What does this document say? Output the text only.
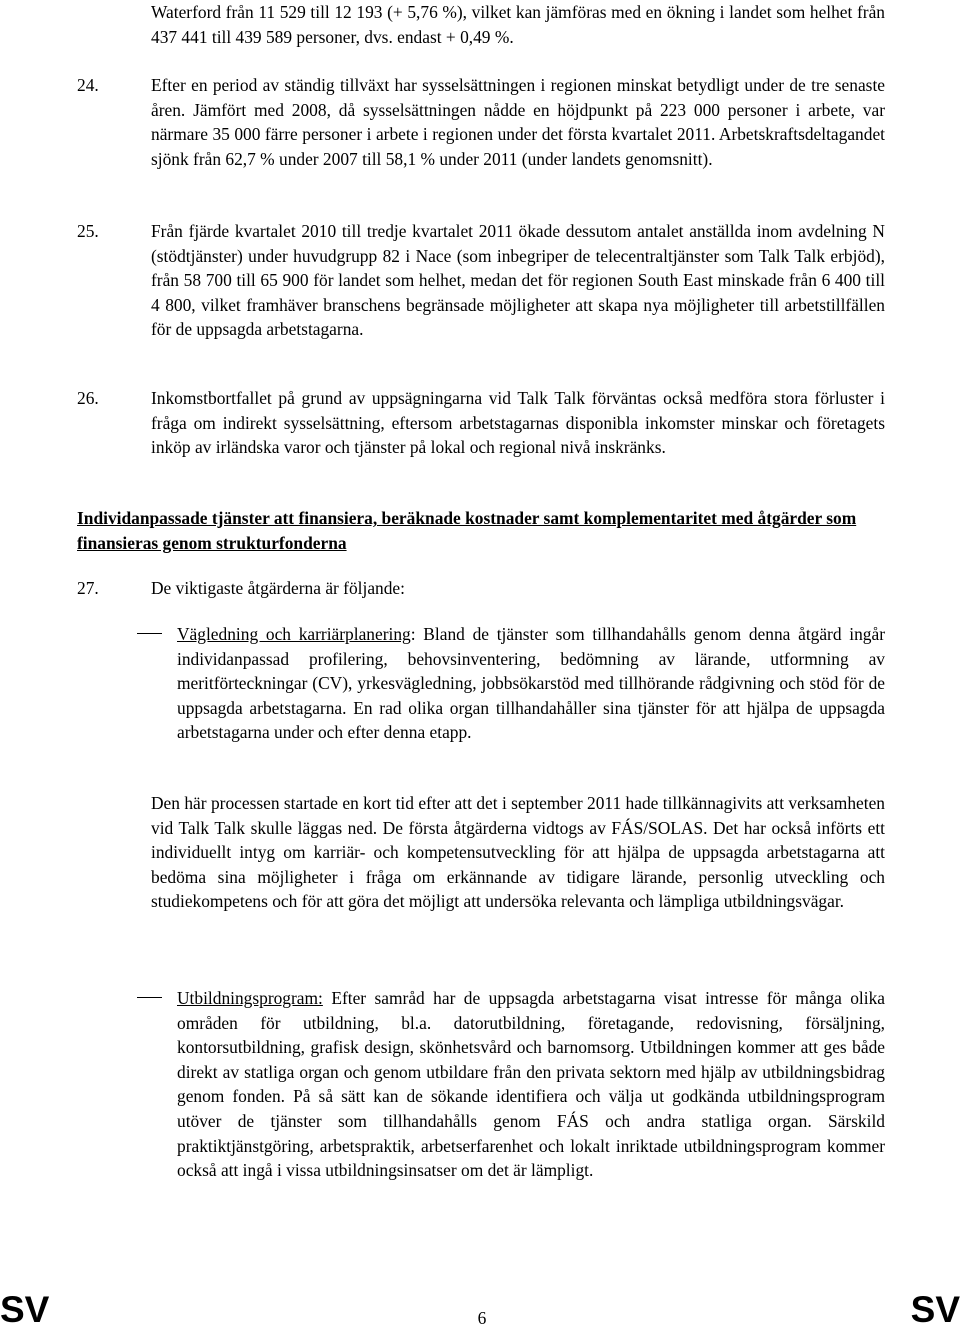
Waterford från 11 529 till 12 193 (+ 5,76 %), vilket kan jämföras med en ökning i landet som helhet från 437 441 till 439 589 personer, dvs. endast + 0,49 %.

24.	Efter en period av ständig tillväxt har sysselsättningen i regionen minskat betydligt under de tre senaste åren. Jämfört med 2008, då sysselsättningen nådde en höjdpunkt på 223 000 personer i arbete, var närmare 35 000 färre personer i arbete i regionen under det första kvartalet 2011. Arbetskraftsdeltagandet sjönk från 62,7 % under 2007 till 58,1 % under 2011 (under landets genomsnitt).

25.	Från fjärde kvartalet 2010 till tredje kvartalet 2011 ökade dessutom antalet anställda inom avdelning N (stödtjänster) under huvudgrupp 82 i Nace (som inbegriper de telecentraltjänster som Talk Talk erbjöd), från 58 700 till 65 900 för landet som helhet, medan det för regionen South East minskade från 6 400 till 4 800, vilket framhäver branschens begränsade möjligheter att skapa nya möjligheter till arbetstillfällen för de uppsagda arbetstagarna.

26.	Inkomstbortfallet på grund av uppsägningarna vid Talk Talk förväntas också medföra stora förluster i fråga om indirekt sysselsättning, eftersom arbetstagarnas disponibla inkomster minskar och företagets inköp av irländska varor och tjänster på lokal och regional nivå inskränks.

Individanpassade tjänster att finansiera, beräknade kostnader samt komplementaritet med åtgärder som finansieras genom strukturfonderna
27.	De viktigaste åtgärderna är följande:

Vägledning och karriärplanering: Bland de tjänster som tillhandahålls genom denna åtgärd ingår individanpassad profilering, behovsinventering, bedömning av lärande, utformning av meritförteckningar (CV), yrkesvägledning, jobbsökarstöd med tillhörande rådgivning och stöd för de uppsagda arbetstagarna. En rad olika organ tillhandahåller sina tjänster för att hjälpa de uppsagda arbetstagarna under och efter denna etapp.

Den här processen startade en kort tid efter att det i september 2011 hade tillkännagivits att verksamheten vid Talk Talk skulle läggas ned. De första åtgärderna vidtogs av FÁS/SOLAS. Det har också införts ett individuellt intyg om karriär- och kompetensutveckling för att hjälpa de uppsagda arbetstagarna att bedöma sina möjligheter i fråga om erkännande av tidigare lärande, personlig utveckling och studiekompetens och för att göra det möjligt att undersöka relevanta och lämpliga utbildningsvägar.

Utbildningsprogram: Efter samråd har de uppsagda arbetstagarna visat intresse för många olika områden för utbildning, bl.a. datorutbildning, företagande, redovisning, försäljning, kontorsutbildning, grafisk design, skönhetsvård och barnomsorg. Utbildningen kommer att ges både direkt av statliga organ och genom utbildare från den privata sektorn med hjälp av utbildningsbidrag genom fonden. På så sätt kan de sökande identifiera och välja ut godkända utbildningsprogram utöver de tjänster som tillhandahålls genom FÁS och andra statliga organ. Särskild praktiktjänstgöring, arbetspraktik, arbetserfarenhet och lokalt inriktade utbildningsprogram kommer också att ingå i vissa utbildningsinsatser om det är lämpligt.

SV	6	SV
